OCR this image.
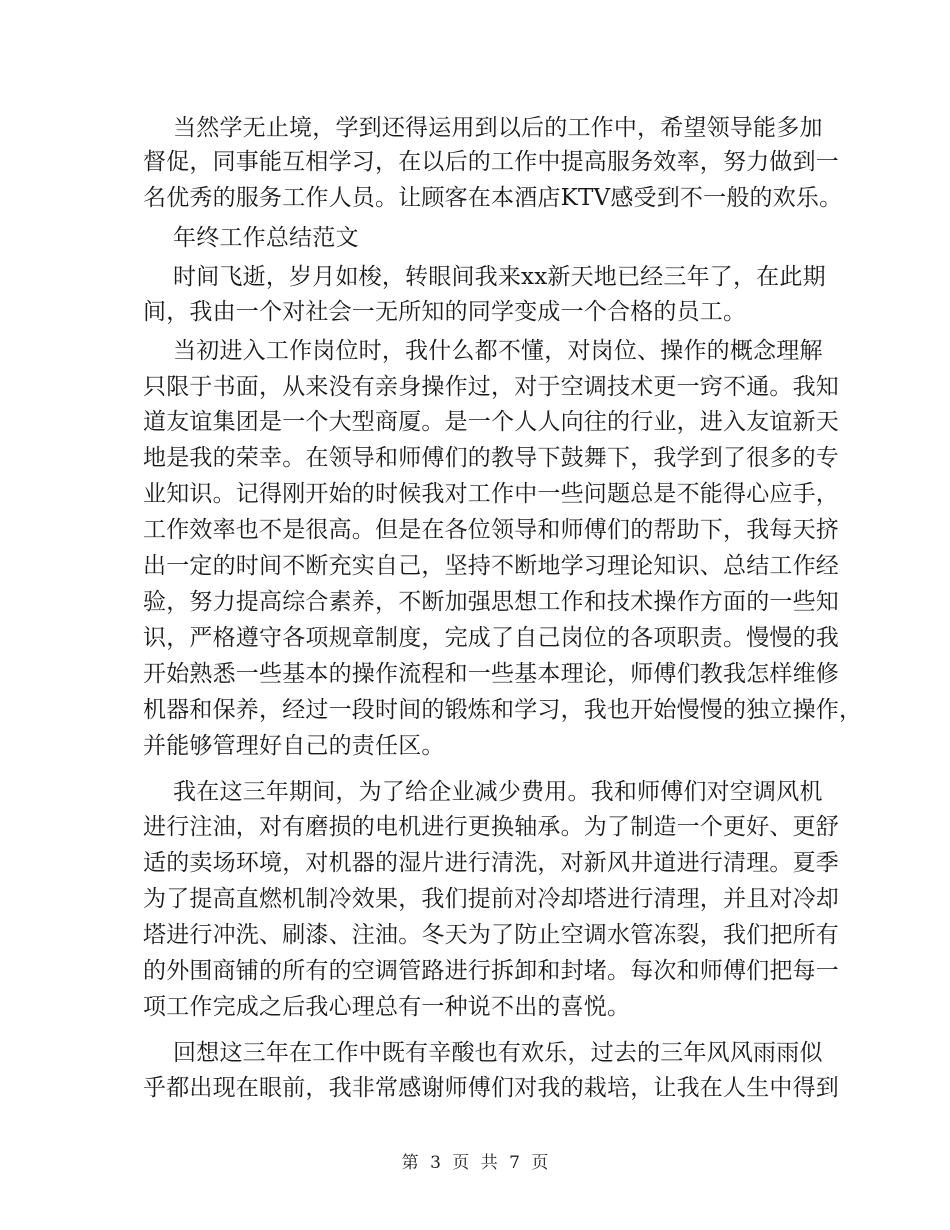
当然学无止境，学到还得运用到以后的工作中，希望领导能多加
督促，同事能互相学习，在以后的工作中提高服务效率，努力做到一
名优秀的服务工作人员。让顾客在本酒店KTV感受到不一般的欢乐。
年终工作总结范文
时间飞逝，岁月如梭，转眼间我来xx新天地已经三年了，在此期
间，我由一个对社会一无所知的同学变成一个合格的员工。
当初进入工作岗位时，我什么都不懂，对岗位、操作的概念理解
只限于书面，从来没有亲身操作过，对于空调技术更一窍不通。我知
道友谊集团是一个大型商厦。是一个人人向往的行业，进入友谊新天
地是我的荣幸。在领导和师傅们的教导下鼓舞下，我学到了很多的专
业知识。记得刚开始的时候我对工作中一些问题总是不能得心应手，
工作效率也不是很高。但是在各位领导和师傅们的帮助下，我每天挤
出一定的时间不断充实自己，坚持不断地学习理论知识、总结工作经
验，努力提高综合素养，不断加强思想工作和技术操作方面的一些知
识，严格遵守各项规章制度，完成了自己岗位的各项职责。慢慢的我
开始熟悉一些基本的操作流程和一些基本理论，师傅们教我怎样维修
机器和保养，经过一段时间的锻炼和学习，我也开始慢慢的独立操作，
并能够管理好自己的责任区。
我在这三年期间，为了给企业减少费用。我和师傅们对空调风机
进行注油，对有磨损的电机进行更换轴承。为了制造一个更好、更舒
适的卖场环境，对机器的湿片进行清洗，对新风井道进行清理。夏季
为了提高直燃机制冷效果，我们提前对冷却塔进行清理，并且对冷却
塔进行冲洗、刷漆、注油。冬天为了防止空调水管冻裂，我们把所有
的外围商铺的所有的空调管路进行拆卸和封堵。每次和师傅们把每一
项工作完成之后我心理总有一种说不出的喜悦。
回想这三年在工作中既有辛酸也有欢乐，过去的三年风风雨雨似
乎都出现在眼前，我非常感谢师傅们对我的栽培，让我在人生中得到
第 3 页 共 7 页
